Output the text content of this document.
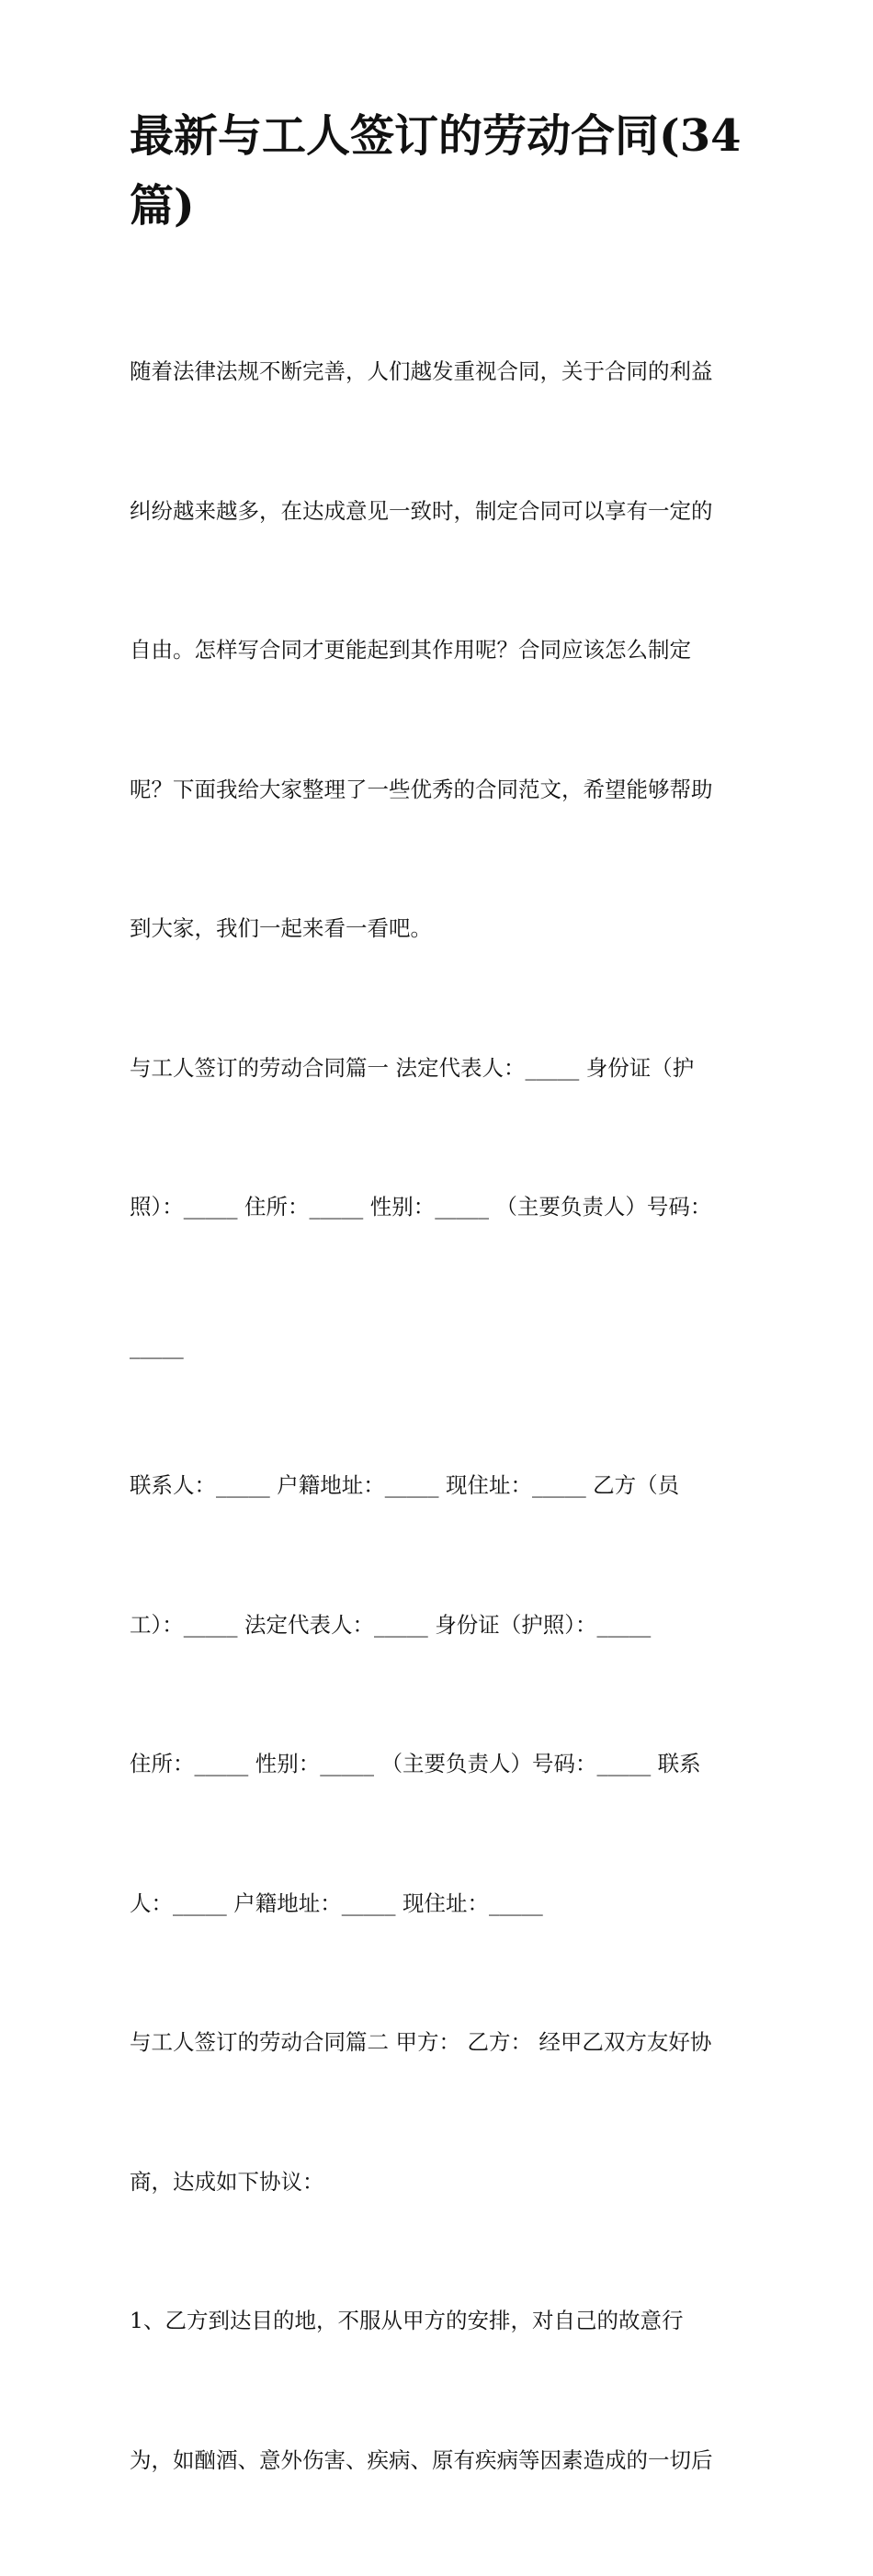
最新与工人签订的劳动合同(34
篇)

随着法律法规不断完善，人们越发重视合同，关于合同的利益

纠纷越来越多，在达成意见一致时，制定合同可以享有一定的

自由。怎样写合同才更能起到其作用呢？合同应该怎么制定

呢？下面我给大家整理了一些优秀的合同范文，希望能够帮助

到大家，我们一起来看一看吧。

与工人签订的劳动合同篇一 法定代表人：_____ 身份证（护

照）：_____ 住所：_____ 性别：_____ （主要负责人）号码：

_____

联系人：_____ 户籍地址：_____ 现住址：_____ 乙方（员

工）：_____ 法定代表人：_____ 身份证（护照）：_____

住所：_____ 性别：_____ （主要负责人）号码：_____ 联系

人：_____ 户籍地址：_____ 现住址：_____

与工人签订的劳动合同篇二 甲方： 乙方： 经甲乙双方友好协

商，达成如下协议：

1、乙方到达目的地，不服从甲方的安排，对自己的故意行

为，如酗酒、意外伤害、疾病、原有疾病等因素造成的一切后
